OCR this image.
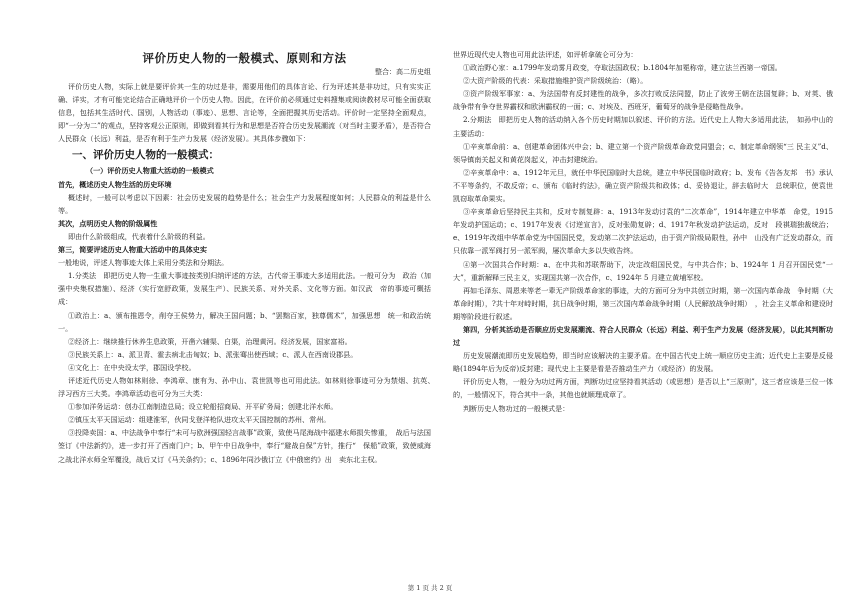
评价历史人物的一般模式、原则和方法
整合：高二历史组
评价历史人物，实际上就是要评价其一生的功过是非，需要用他们的具体言论、行为评述其是非功过，只有实实正确、详实，才有可能完论结合正确地评价一个历史人物。因此，在评价前必须通过史料搜集或阅读教材尽可能全面获取信息，包括其生活时代、国别，人物活动（事迹）、思想、言论等，全面把握其历史活动。评价时一定坚持全面观点，即“一分为二”的观点，坚持客观公正原则，即做到看其行为和思想是否符合历史发展潮流（对当时主要矛盾），是否符合人民群众（长远）利益，是否有利于生产力发展（经济发展）。其具体步骤如下：
一、评价历史人物的一般模式：
（一）评价历史人物重大活动的一般模式
首先，概述历史人物生活的历史环境
概述时，一般可以考虑以下因素：社会历史发展的趋势是什么；社会生产力发展程度如何；人民群众的利益是什么等。
其次，点明历史人物的阶级属性
即由什么阶级组成，代表着什么阶级的利益。
第三，简要评述历史人物重大活动中的具体史实
一般地说，评述人物事迹大体上采用分类法和分期法。
1.分类法　即把历史人物一生重大事迹按类别归纳评述的方法，古代帝王事迹大多适用此法。一般可分为　政治（加强中央集权措施）、经济（实行宽舒政策，发展生产）、民族关系、对外关系、文化等方面。如汉武　帝的事迹可概括成：
①政治上：a、颁布推恩令，削夺王侯势力，解决王国问题；b、“罢黜百家，独尊儒术”，加强思想　统一和政治统一。
②经济上：继续推行休养生息政策，开凿六辅渠、白渠，治理黄河。经济发展，国家富裕。
③民族关系上：a、派卫青、霍去病北击匈奴；b、派张骞出使西域；c、派人在西南设郡县。
④文化上：在中央设太学，郡国设学校。
评述近代历史人物如林则徐、李鸿章、康有为、孙中山、袁世凯等也可用此法。如林则徐事迹可分为禁烟、抗英、　浮习西方三大类。李鸿章活动也可分为三大类：
①参加洋务运动：创办江南制造总局；设立轮船招商局、开平矿务局；创建北洋水师。
②镇压太平天国运动：组建淮军，伙同戈登洋枪队进攻太平天国控制的苏州、常州。
③投降卖国：a、中法战争中奉行“未可与欧洲强国轻言战事”政策，致使马尾海战中福建水师损失惨重，　战后与法国签订《中法新约》，进一步打开了西南门户；b、甲午中日战争中，奉行“避战自保”方针，推行“　保船”政策，致使威海之战北洋水师全军覆没，战后又订《马关条约》；c、1896年同沙俄订立《中俄密约》出　卖东北主权。
世界近现代史人物也可用此法评述，如评析拿破仑可分为：
①政治野心家：a.1799年发动雾月政变，夺取法国政权；b.1804年加冕称帝，建立法兰西第一帝国。
②大资产阶级的代表：采取措施维护资产阶级统治：（略）。
③资产阶级军事家：a、为法国带有反封建性的战争，多次打败反法同盟，防止了波旁王朝在法国复辟；b、对英、俄战争带有争夺世界霸权和欧洲霸权的一面；c、对埃及、西班牙，葡萄牙的战争是侵略性战争。
2.分期法　即把历史人物的活动纳入各个历史时期加以叙述、评价的方法。近代史上人物大多适用此法，　如孙中山的主要活动：
①辛亥革命前：a、创建革命团体兴中会；b、建立第一个资产阶级革命政党同盟会；c、制定革命纲领“三 民主义”d、领导镇南关起义和黄花岗起义，冲击封建统治。
②辛亥革命中：a、1912年元旦，就任中华民国临时大总统，建立中华民国临时政府；b、发布《告各友邦　书》承认不平等条约，不敢反帝；c、颁布《临时约法》，确立资产阶级共和政体；d、妥协退让，辞去临时大　总统职位，使袁世凯窃取革命果实。
③辛亥革命后坚持民主共和，反对专制复辟：a、1913年发动讨袁的“二次革命”，1914年建立中华革　命党，1915年发动护国运动；c、1917年发表《讨逆宣言》，反对张勋复辟；d、1917年秋发动护法运动，反对　段祺瑞独裁统治；e、1919年改组中华革命党为中国国民党，发动第二次护法运动，由于资产阶级局限性，孙中　山没有广泛发动群众，而只依靠一派军阀打另一派军阀，屡次革命大多以失败告终。
④第一次国共合作时期：a、在中共和苏联帮助下，决定改组国民党，与中共合作；b、1924年 1 月召开国民党“一大”，重新解释三民主义，实现国共第一次合作，c、1924年 5 月建立黄埔军校。
再如毛泽东、周恩来等老一辈无产阶级革命家的事迹，大的方面可分为中共创立时期，第一次国内革命战　争时期（大革命时期），?共十年对峙时期，抗日战争时期，第三次国内革命战争时期（人民解放战争时期）　，社会主义革命和建设时期等阶段进行叙述。
第四，分析其活动是否顺应历史发展潮流、符合人民群众（长远）利益、利于生产力发展（经济发展），以此其判断功过
历史发展潮流即历史发展趋势，即当时应该解决的主要矛盾。在中国古代史上统一顺应历史主流；近代史上主要是反侵略(1894年后为反帝)反封建；现代史上主要是看是否推动生产力（或经济）的发展。
评价历史人物，一般分为功过两方面，判断功过应坚持看其活动（或思想）是否以上“三原则”，这三者应该是三位一体的，一般情况下，符合其中一条，其他也就顺理成章了。
判断历史人物功过的一般模式是：
第 1 页 共 2 页
